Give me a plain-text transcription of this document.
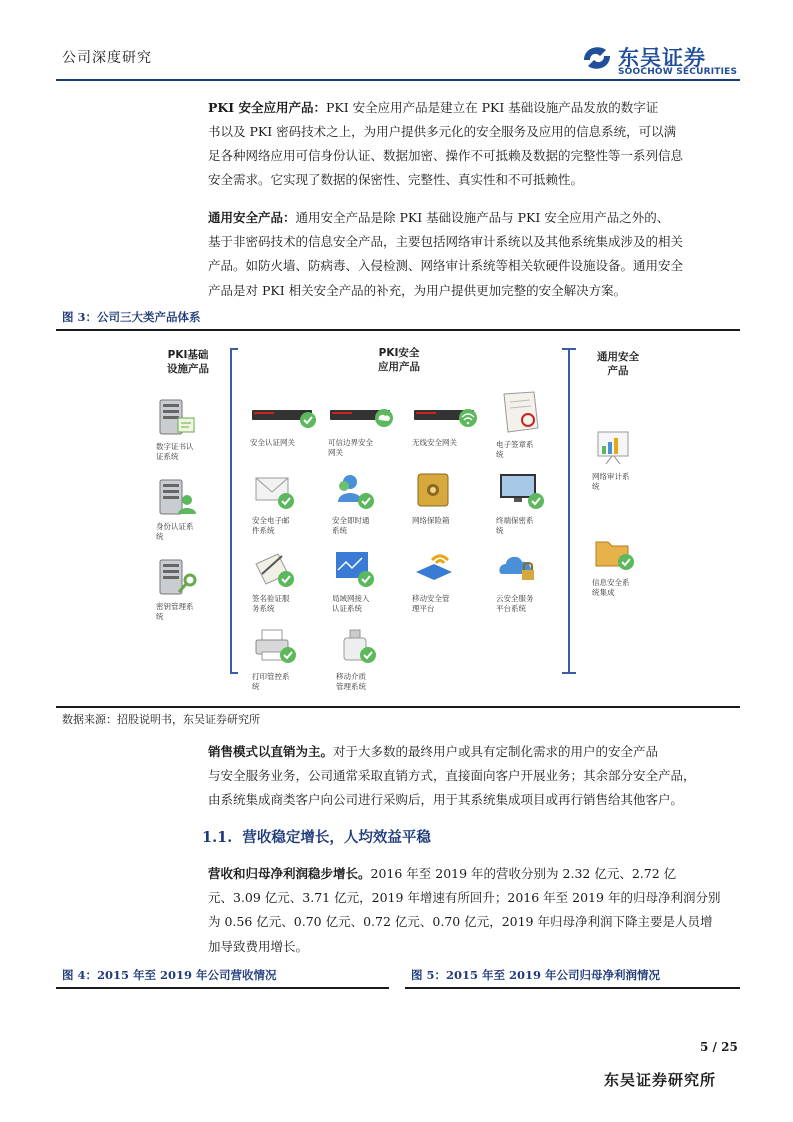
公司深度研究	东吴证券
SOOCHOW SECURITIES
PKI 安全应用产品：PKI 安全应用产品是建立在 PKI 基础设施产品发放的数字证
书以及 PKI 密码技术之上，为用户提供多元化的安全服务及应用的信息系统，可以满
足各种网络应用可信身份认证、数据加密、操作不可抵赖及数据的完整性等一系列信息
安全需求。它实现了数据的保密性、完整性、真实性和不可抵赖性。
通用安全产品：通用安全产品是除 PKI 基础设施产品与 PKI 安全应用产品之外的、
基于非密码技术的信息安全产品，主要包括网络审计系统以及其他系统集成涉及的相关
产品。如防火墙、防病毒、入侵检测、网络审计系统等相关软硬件设施设备。通用安全
产品是对 PKI 相关安全产品的补充，为用户提供更加完整的安全解决方案。
图 3：公司三大类产品体系
PKI基础
设施产品
PKI安全
应用产品
通用安全
产品
数字证书认
证系统
身份认证系
统
密钥管理系
统
安全认证网关	可信边界安全
网关
无线安全网关	电子签章系
统
安全电子邮
件系统
安全即时通
系统
网络保险箱	终端保密系
统
签名验证服
务系统
局域网接入
认证系统
移动安全管
理平台
云安全服务
平台系统
打印管控系
统
移动介质
管理系统
网络审计系
统
信息安全系
统集成
数据来源：招股说明书，东吴证券研究所
销售模式以直销为主。对于大多数的最终用户或具有定制化需求的用户的安全产品
与安全服务业务，公司通常采取直销方式，直接面向客户开展业务；其余部分安全产品，
由系统集成商类客户向公司进行采购后，用于其系统集成项目或再行销售给其他客户。
1.1. 营收稳定增长，人均效益平稳
营收和归母净利润稳步增长。2016 年至 2019 年的营收分别为 2.32 亿元、2.72 亿
元、3.09 亿元、3.71 亿元，2019 年增速有所回升；2016 年至 2019 年的归母净利润分别
为 0.56 亿元、0.70 亿元、0.72 亿元、0.70 亿元，2019 年归母净利润下降主要是人员增
加导致费用增长。
图 4：2015 年至 2019 年公司营收情况	图 5：2015 年至 2019 年公司归母净利润情况
5 / 25
东吴证券研究所
